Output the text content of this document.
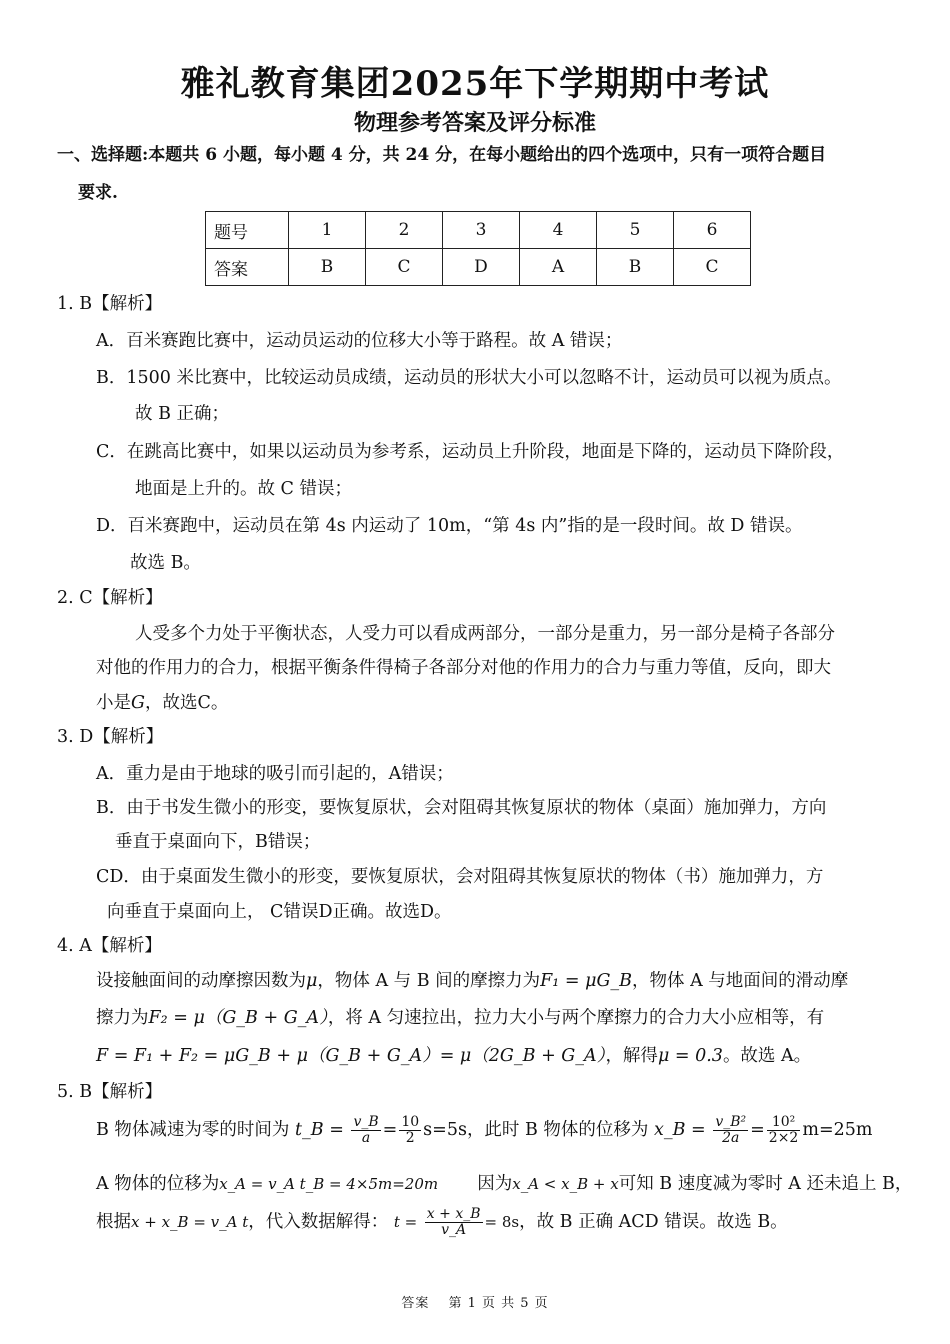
雅礼教育集团2025年下学期期中考试
物理参考答案及评分标准
一、选择题:本题共 6 小题，每小题 4 分，共 24 分，在每小题给出的四个选项中，只有一项符合题目
要求.
题号	1	2	3	4	5	6
答案	B	C	D	A	B	C
1. B【解析】
A．百米赛跑比赛中，运动员运动的位移大小等于路程。故 A 错误；
B．1500 米比赛中，比较运动员成绩，运动员的形状大小可以忽略不计，运动员可以视为质点。
故 B 正确；
C．在跳高比赛中，如果以运动员为参考系，运动员上升阶段，地面是下降的，运动员下降阶段，
地面是上升的。故 C 错误；
D．百米赛跑中，运动员在第 4s 内运动了 10m，“第 4s 内”指的是一段时间。故 D 错误。
故选 B。
2. C【解析】
人受多个力处于平衡状态，人受力可以看成两部分，一部分是重力，另一部分是椅子各部分
对他的作用力的合力，根据平衡条件得椅子各部分对他的作用力的合力与重力等值，反向，即大
小是G，故选C。
3. D【解析】
A．重力是由于地球的吸引而引起的，A错误；
B．由于书发生微小的形变，要恢复原状，会对阻碍其恢复原状的物体（桌面）施加弹力，方向
垂直于桌面向下，B错误；
CD．由于桌面发生微小的形变，要恢复原状，会对阻碍其恢复原状的物体（书）施加弹力，方
向垂直于桌面向上， C错误D正确。故选D。
4. A【解析】
设接触面间的动摩擦因数为μ，物体 A 与 B 间的摩擦力为F₁ = μG_B，物体 A 与地面间的滑动摩
擦力为F₂ = μ（G_B + G_A），将 A 匀速拉出，拉力大小与两个摩擦力的合力大小应相等，有
F = F₁ + F₂ = μG_B + μ（G_B + G_A）= μ（2G_B + G_A），解得μ = 0.3。故选 A。
5. B【解析】
B 物体减速为零的时间为 t_B = $\frac{v\_B}{a} = \frac{10}{2} s=5s$，此时 B 物体的位移为 x_B = $\frac{\text{v\_B²}}{2a} = \frac{\text{10²}}{2\times 2} m=25m$
A 物体的位移为x_A = v_A t_B = 4×5m=20m 因为x_A < x_B + x可知 B 速度减为零时 A 还未追上 B，
根据x + x_B = v_A t，代入数据解得： $t = \frac{x + x\_B}{v\_A} = 8s$，故 B 正确 ACD 错误。故选 B。
答案　 第 1 页 共 5 页
